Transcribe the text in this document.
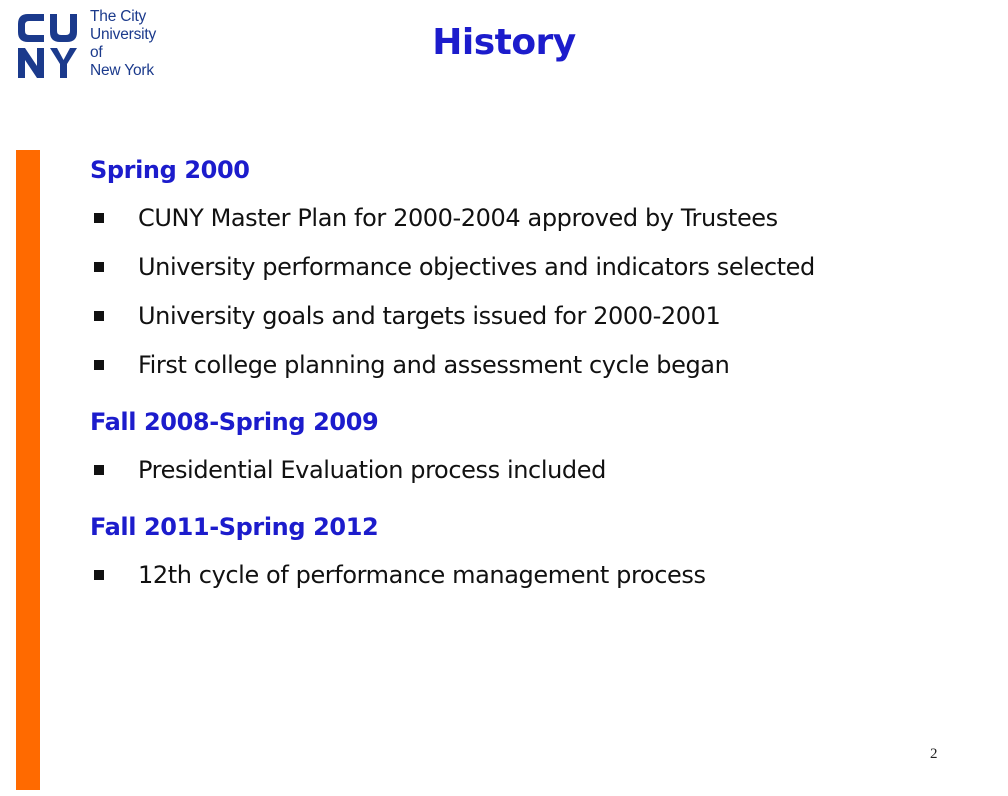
The City
University
of
New York
History
Spring 2000
CUNY Master Plan for 2000-2004 approved by Trustees
University performance objectives and indicators selected
University goals and targets issued for 2000-2001
First college planning and assessment cycle began
Fall 2008-Spring 2009
Presidential Evaluation process included
Fall 2011-Spring 2012
12th cycle of performance management process
2
